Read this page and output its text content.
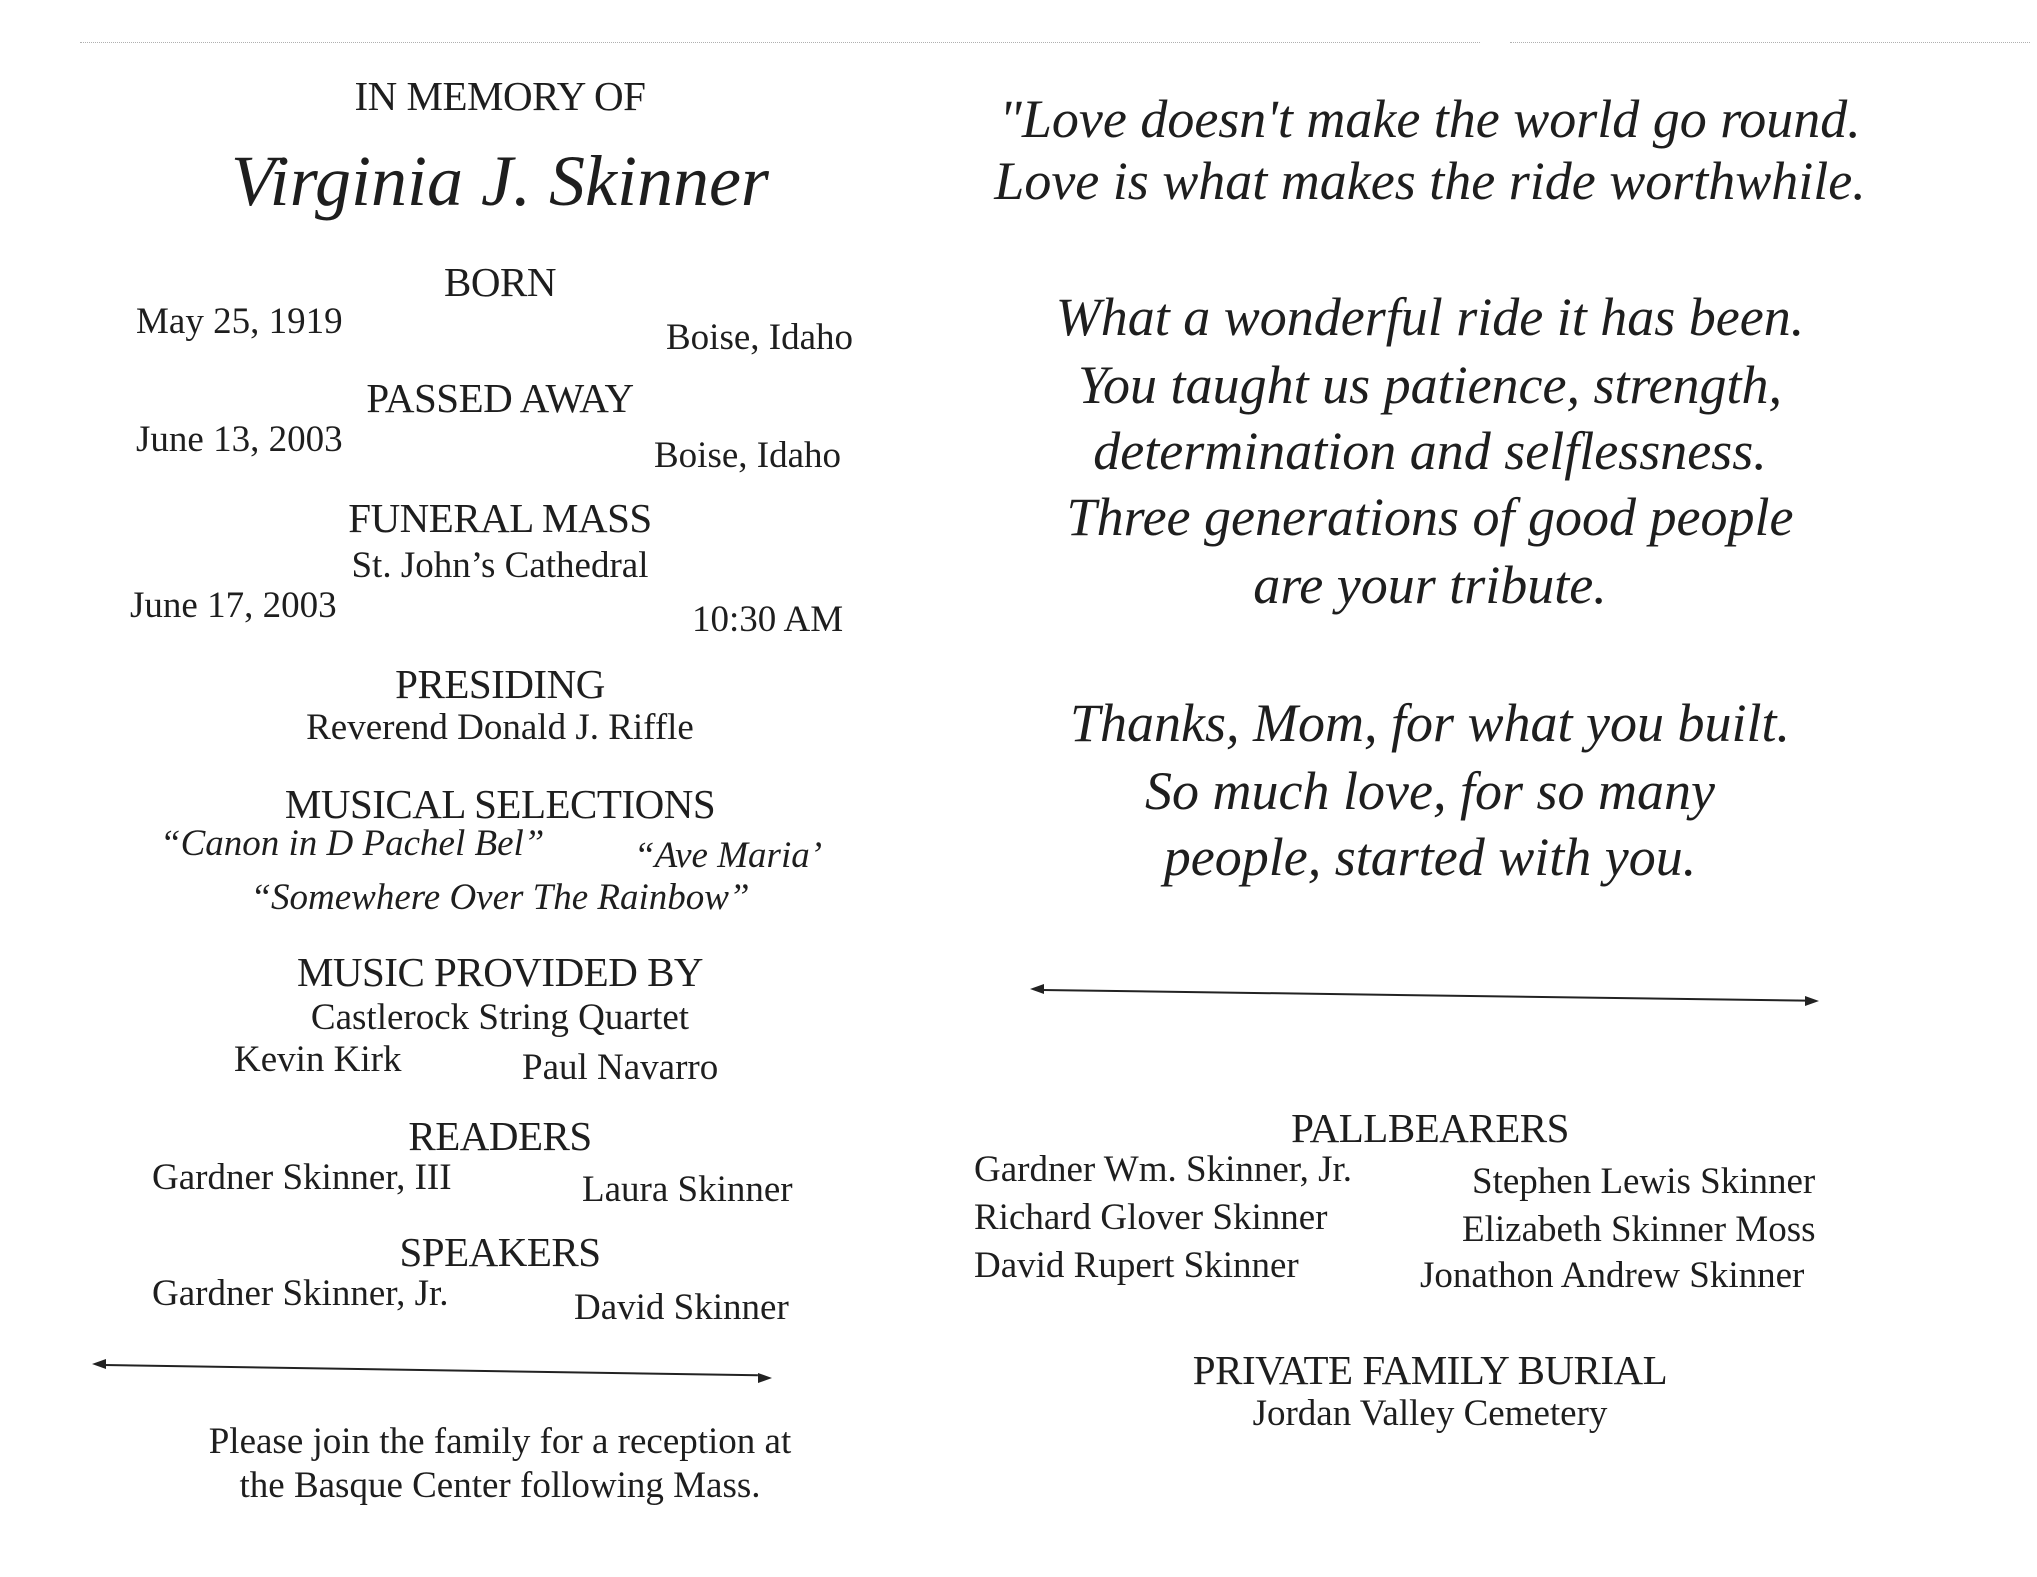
IN MEMORY OF
Virginia J. Skinner
BORN
May 25, 1919	Boise, Idaho
PASSED AWAY
June 13, 2003	Boise, Idaho
FUNERAL MASS
St. John’s Cathedral
June 17, 2003	10:30 AM
PRESIDING
Reverend Donald J. Riffle
MUSICAL SELECTIONS
“Canon in D Pachel Bel” “Ave Maria’
“Somewhere Over The Rainbow”
MUSIC PROVIDED BY
Castlerock String Quartet
Kevin Kirk	Paul Navarro
READERS
Gardner Skinner, III	Laura Skinner
SPEAKERS
Gardner Skinner, Jr.	David Skinner
Please join the family for a reception at
the Basque Center following Mass.
"Love doesn't make the world go round.
Love is what makes the ride worthwhile.
What a wonderful ride it has been.
You taught us patience, strength,
determination and selflessness.
Three generations of good people
are your tribute.
Thanks, Mom, for what you built.
So much love, for so many
people, started with you.
PALLBEARERS
Gardner Wm. Skinner, Jr.	Stephen Lewis Skinner
Richard Glover Skinner	Elizabeth Skinner Moss
David Rupert Skinner	Jonathon Andrew Skinner
PRIVATE FAMILY BURIAL
Jordan Valley Cemetery
